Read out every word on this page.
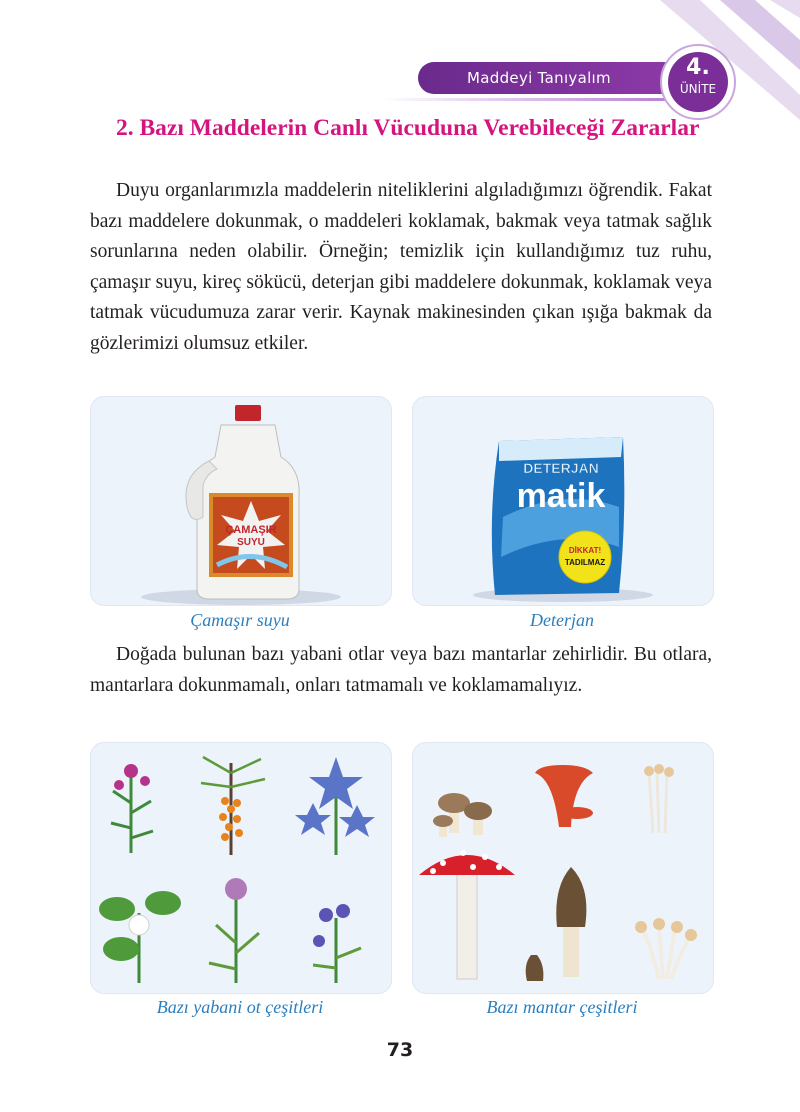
Maddeyi Tanıyalım	4.
ÜNİTE
2. Bazı Maddelerin Canlı Vücuduna Verebileceği Zararlar

Duyu organlarımızla maddelerin niteliklerini algıladığımızı öğrendik. Fakat bazı maddelere dokunmak, o maddeleri koklamak, bakmak veya tatmak sağlık sorunlarına neden olabilir. Örneğin; temizlik için kullandığımız tuz ruhu, çamaşır suyu, kireç sökücü, deterjan gibi maddelere dokunmak, koklamak veya tatmak vücudumuza zarar verir. Kaynak makinesinden çıkan ışığa bakmak da gözlerimizi olumsuz etkiler.

ÇAMAŞIR
SUYU
Çamaşır suyu
DETERJAN
matik
DİKKAT!
TADILMAZ
Deterjan

Doğada bulunan bazı yabani otlar veya bazı mantarlar zehirlidir. Bu otlara, mantarlara dokunmamalı, onları tatmamalı ve koklamamalıyız.

Bazı yabani ot çeşitleri	Bazı mantar çeşitleri
73
